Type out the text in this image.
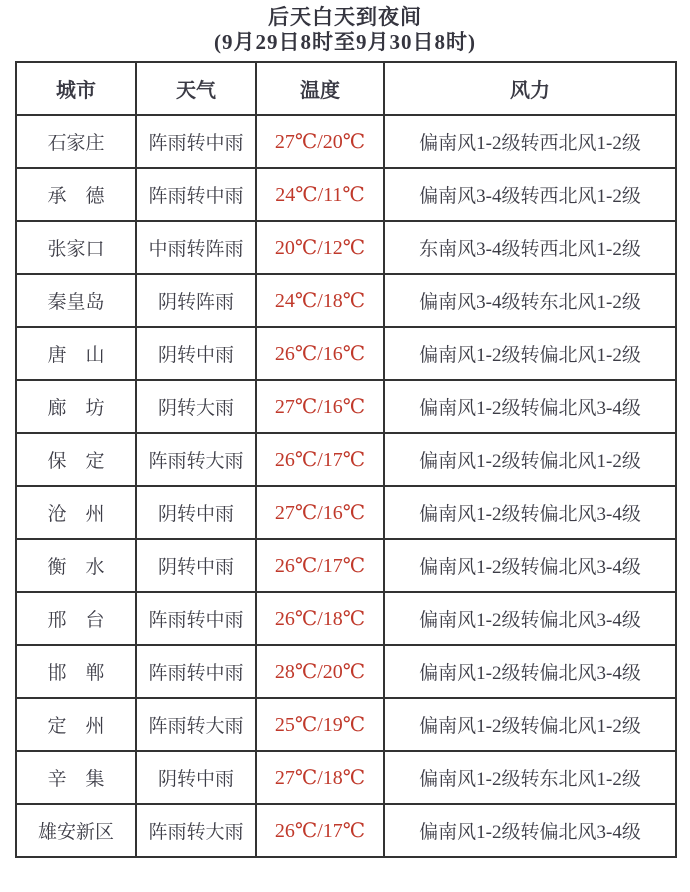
后天白天到夜间
(9月29日8时至9月30日8时)
城市	天气	温度	风力
石家庄	阵雨转中雨	27℃/20℃	偏南风1-2级转西北风1-2级
承　德	阵雨转中雨	24℃/11℃	偏南风3-4级转西北风1-2级
张家口	中雨转阵雨	20℃/12℃	东南风3-4级转西北风1-2级
秦皇岛	阴转阵雨	24℃/18℃	偏南风3-4级转东北风1-2级
唐　山	阴转中雨	26℃/16℃	偏南风1-2级转偏北风1-2级
廊　坊	阴转大雨	27℃/16℃	偏南风1-2级转偏北风3-4级
保　定	阵雨转大雨	26℃/17℃	偏南风1-2级转偏北风1-2级
沧　州	阴转中雨	27℃/16℃	偏南风1-2级转偏北风3-4级
衡　水	阴转中雨	26℃/17℃	偏南风1-2级转偏北风3-4级
邢　台	阵雨转中雨	26℃/18℃	偏南风1-2级转偏北风3-4级
邯　郸	阵雨转中雨	28℃/20℃	偏南风1-2级转偏北风3-4级
定　州	阵雨转大雨	25℃/19℃	偏南风1-2级转偏北风1-2级
辛　集	阴转中雨	27℃/18℃	偏南风1-2级转东北风1-2级
雄安新区	阵雨转大雨	26℃/17℃	偏南风1-2级转偏北风3-4级
